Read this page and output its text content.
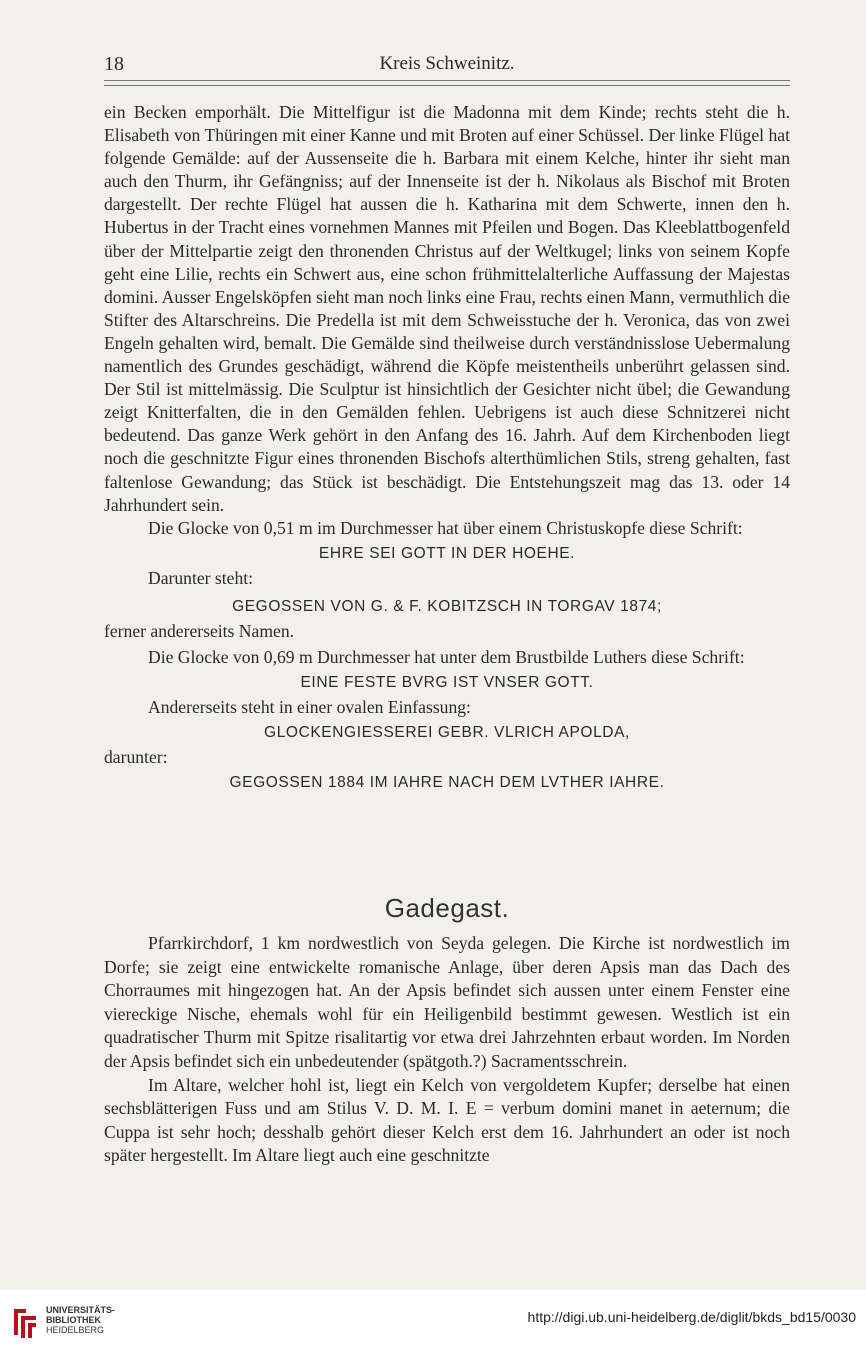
Kreis Schweinitz.
18

ein Becken emporhält. Die Mittelfigur ist die Madonna mit dem Kinde; rechts steht die h. Elisabeth von Thüringen mit einer Kanne und mit Broten auf einer Schüssel. Der linke Flügel hat folgende Gemälde: auf der Aussenseite die h. Barbara mit einem Kelche, hinter ihr sieht man auch den Thurm, ihr Gefängniss; auf der Innenseite ist der h. Nikolaus als Bischof mit Broten dargestellt. Der rechte Flügel hat aussen die h. Katharina mit dem Schwerte, innen den h. Hubertus in der Tracht eines vornehmen Mannes mit Pfeilen und Bogen. Das Kleeblattbogenfeld über der Mittelpartie zeigt den thronenden Christus auf der Weltkugel; links von seinem Kopfe geht eine Lilie, rechts ein Schwert aus, eine schon frühmittelalterliche Auffassung der Majestas domini. Ausser Engelsköpfen sieht man noch links eine Frau, rechts einen Mann, vermuthlich die Stifter des Altarschreins. Die Predella ist mit dem Schweisstuche der h. Veronica, das von zwei Engeln gehalten wird, bemalt. Die Gemälde sind theilweise durch verständnisslose Uebermalung namentlich des Grundes geschädigt, während die Köpfe meistentheils unberührt gelassen sind. Der Stil ist mittelmässig. Die Sculptur ist hinsichtlich der Gesichter nicht übel; die Gewandung zeigt Knitterfalten, die in den Gemälden fehlen. Uebrigens ist auch diese Schnitzerei nicht bedeutend. Das ganze Werk gehört in den Anfang des 16. Jahrh. Auf dem Kirchenboden liegt noch die geschnitzte Figur eines thronenden Bischofs alterthümlichen Stils, streng gehalten, fast faltenlose Gewandung; das Stück ist beschädigt. Die Entstehungszeit mag das 13. oder 14 Jahrhundert sein.

Die Glocke von 0,51 m im Durchmesser hat über einem Christuskopfe diese Schrift:

EHRE SEI GOTT IN DER HOEHE.

Darunter steht:

GEGOSSEN VON G. & F. KOBITZSCH IN TORGAV 1874;

ferner andererseits Namen.

Die Glocke von 0,69 m Durchmesser hat unter dem Brustbilde Luthers diese Schrift:

EINE FESTE BVRG IST VNSER GOTT.

Andererseits steht in einer ovalen Einfassung:

GLOCKENGIESSEREI GEBR. VLRICH APOLDA,

darunter:

GEGOSSEN 1884 IM IAHRE NACH DEM LVTHER IAHRE.

Gadegast.

Pfarrkirchdorf, 1 km nordwestlich von Seyda gelegen. Die Kirche ist nordwestlich im Dorfe; sie zeigt eine entwickelte romanische Anlage, über deren Apsis man das Dach des Chorraumes mit hingezogen hat. An der Apsis befindet sich aussen unter einem Fenster eine viereckige Nische, ehemals wohl für ein Heiligenbild bestimmt gewesen. Westlich ist ein quadratischer Thurm mit Spitze risalitartig vor etwa drei Jahrzehnten erbaut worden. Im Norden der Apsis befindet sich ein unbedeutender (spätgoth.?) Sacramentsschrein.

Im Altare, welcher hohl ist, liegt ein Kelch von vergoldetem Kupfer; derselbe hat einen sechsblätterigen Fuss und am Stilus V. D. M. I. E = verbum domini manet in aeternum; die Cuppa ist sehr hoch; desshalb gehört dieser Kelch erst dem 16. Jahrhundert an oder ist noch später hergestellt. Im Altare liegt auch eine geschnitzte

UNIVERSITÄTS-
BIBLIOTHEK
HEIDELBERG
http://digi.ub.uni-heidelberg.de/diglit/bkds_bd15/0030
